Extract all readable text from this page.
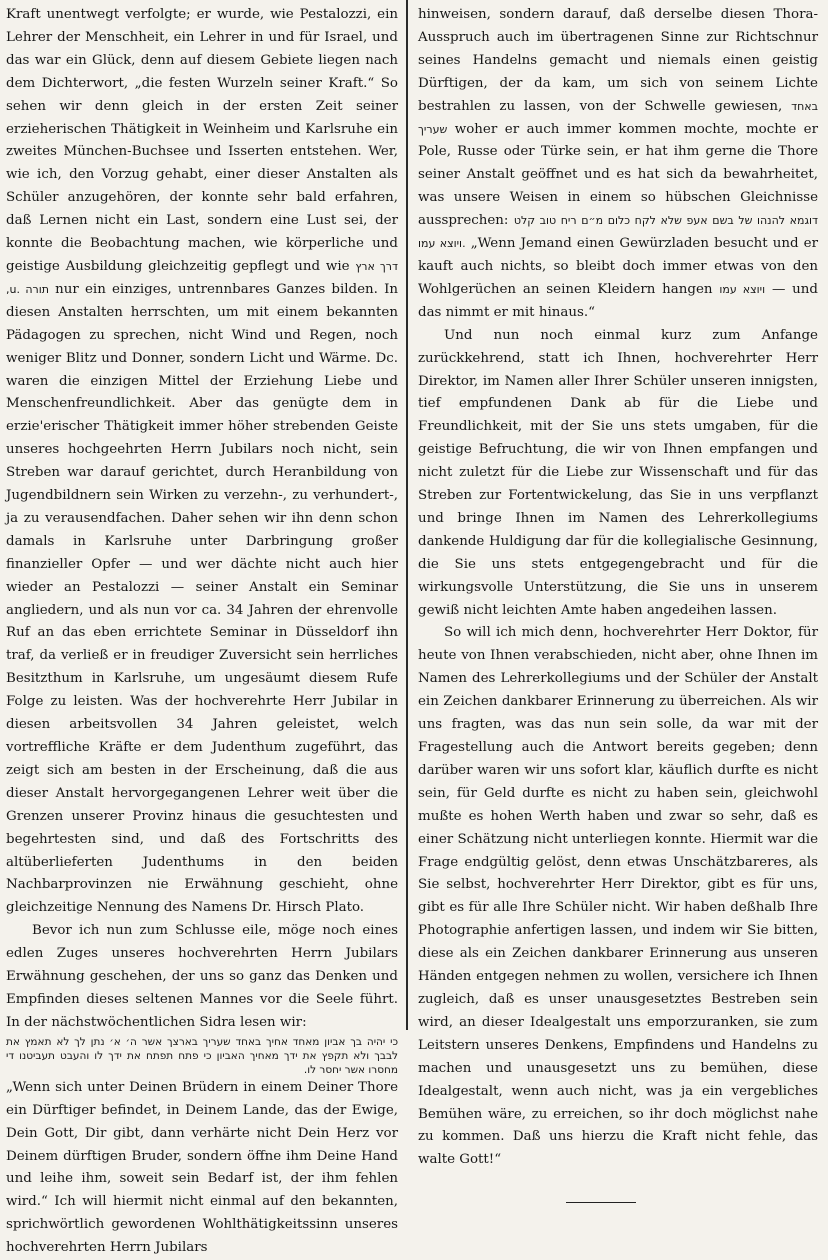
Kraft unentwegt verfolgte; er wurde, wie Pestalozzi, ein Lehrer der Menschheit, ein Lehrer in und für Israel, und das war ein Glück, denn auf diesem Gebiete liegen nach dem Dichterwort, „die festen Wurzeln seiner Kraft.“ So sehen wir denn gleich in der ersten Zeit seiner erzieherischen Thätigkeit in Weinheim und Karlsruhe ein zweites München-Buchsee und Isserten entstehen. Wer, wie ich, den Vorzug gehabt, einer dieser Anstalten als Schüler anzugehören, der konnte sehr bald erfahren, daß Lernen nicht ein Last, sondern eine Lust sei, der konnte die Beobachtung machen, wie körperliche und geistige Ausbildung gleichzeitig gepflegt und wie דרך ארץ ,u. תורה nur ein einziges, untrennbares Ganzes bilden. In diesen Anstalten herrschten, um mit einem bekannten Pädagogen zu sprechen, nicht Wind und Regen, noch weniger Blitz und Donner, sondern Licht und Wärme. Dc. waren die einzigen Mittel der Erziehung Liebe und Menschenfreundlichkeit. Aber das genügte dem in erzie'erischer Thätigkeit immer höher strebenden Geiste unseres hochgeehrten Herrn Jubilars noch nicht, sein Streben war darauf gerichtet, durch Heranbildung von Jugendbildnern sein Wirken zu verzehn-, zu verhundert-, ja zu verausendfachen. Daher sehen wir ihn denn schon damals in Karlsruhe unter Darbringung großer finanzieller Opfer — und wer dächte nicht auch hier wieder an Pestalozzi — seiner Anstalt ein Seminar angliedern, und als nun vor ca. 34 Jahren der ehrenvolle Ruf an das eben errichtete Seminar in Düsseldorf ihn traf, da verließ er in freudiger Zuversicht sein herrliches Besitzthum in Karlsruhe, um ungesäumt diesem Rufe Folge zu leisten. Was der hochverehrte Herr Jubilar in diesen arbeitsvollen 34 Jahren geleistet, welch vortreffliche Kräfte er dem Judenthum zugeführt, das zeigt sich am besten in der Erscheinung, daß die aus dieser Anstalt hervorgegangenen Lehrer weit über die Grenzen unserer Provinz hinaus die gesuchtesten und begehrtesten sind, und daß des Fortschritts des altüberlieferten Judenthums in den beiden Nachbarprovinzen nie Erwähnung geschieht, ohne gleichzeitige Nennung des Namens Dr. Hirsch Plato.

Bevor ich nun zum Schlusse eile, möge noch eines edlen Zuges unseres hochverehrten Herrn Jubilars Erwähnung geschehen, der uns so ganz das Denken und Empfinden dieses seltenen Mannes vor die Seele führt. In der nächstwöchentlichen Sidra lesen wir:

כי יהיה בך אביון מאחד אחיך באחד שעריך בארצך אשר ה׳ א׳ נתן לך לא תאמץ את לבבך ולא תקפץ את ידך מאחיך האביון כי פתח תפתח את ידך לו והעבט תעביטנו די מחסרו אשר יחסר לו.

„Wenn sich unter Deinen Brüdern in einem Deiner Thore ein Dürftiger befindet, in Deinem Lande, das der Ewige, Dein Gott, Dir gibt, dann verhärte nicht Dein Herz vor Deinem dürftigen Bruder, sondern öffne ihm Deine Hand und leihe ihm, soweit sein Bedarf ist, der ihm fehlen wird.“ Ich will hiermit nicht einmal auf den bekannten, sprichwörtlich gewordenen Wohlthätigkeitssinn unseres hochverehrten Herrn Jubilars

hinweisen, sondern darauf, daß derselbe diesen Thora-Ausspruch auch im übertragenen Sinne zur Richtschnur seines Handelns gemacht und niemals einen geistig Dürftigen, der da kam, um sich von seinem Lichte bestrahlen zu lassen, von der Schwelle gewiesen, באחד שעריך woher er auch immer kommen mochte, mochte er Pole, Russe oder Türke sein, er hat ihm gerne die Thore seiner Anstalt geöffnet und es hat sich da bewahrheitet, was unsere Weisen in einem so hübschen Gleichnisse aussprechen: דוגמא להנהו של בשם אעפ שלא לקח כלום מ״ם ריח טוב קלט ויוצא עמו. „Wenn Jemand einen Gewürzladen besucht und er kauft auch nichts, so bleibt doch immer etwas von den Wohlgerüchen an seinen Kleidern hangen ויוצא עמו — und das nimmt er mit hinaus.“

Und nun noch einmal kurz zum Anfange zurückkehrend, statt ich Ihnen, hochverehrter Herr Direktor, im Namen aller Ihrer Schüler unseren innigsten, tief empfundenen Dank ab für die Liebe und Freundlichkeit, mit der Sie uns stets umgaben, für die geistige Befruchtung, die wir von Ihnen empfangen und nicht zuletzt für die Liebe zur Wissenschaft und für das Streben zur Fortentwickelung, das Sie in uns verpflanzt und bringe Ihnen im Namen des Lehrerkollegiums dankende Huldigung dar für die kollegialische Gesinnung, die Sie uns stets entgegengebracht und für die wirkungsvolle Unterstützung, die Sie uns in unserem gewiß nicht leichten Amte haben angedeihen lassen.

So will ich mich denn, hochverehrter Herr Doktor, für heute von Ihnen verabschieden, nicht aber, ohne Ihnen im Namen des Lehrerkollegiums und der Schüler der Anstalt ein Zeichen dankbarer Erinnerung zu überreichen. Als wir uns fragten, was das nun sein solle, da war mit der Fragestellung auch die Antwort bereits gegeben; denn darüber waren wir uns sofort klar, käuflich durfte es nicht sein, für Geld durfte es nicht zu haben sein, gleichwohl mußte es hohen Werth haben und zwar so sehr, daß es einer Schätzung nicht unterliegen konnte. Hiermit war die Frage endgültig gelöst, denn etwas Unschätzbareres, als Sie selbst, hochverehrter Herr Direktor, gibt es für uns, gibt es für alle Ihre Schüler nicht. Wir haben deßhalb Ihre Photographie anfertigen lassen, und indem wir Sie bitten, diese als ein Zeichen dankbarer Erinnerung aus unseren Händen entgegen nehmen zu wollen, versichere ich Ihnen zugleich, daß es unser unausgesetztes Bestreben sein wird, an dieser Idealgestalt uns emporzuranken, sie zum Leitstern unseres Denkens, Empfindens und Handelns zu machen und unausgesetzt uns zu bemühen, diese Idealgestalt, wenn auch nicht, was ja ein vergebliches Bemühen wäre, zu erreichen, so ihr doch möglichst nahe zu kommen. Daß uns hierzu die Kraft nicht fehle, das walte Gott!“
